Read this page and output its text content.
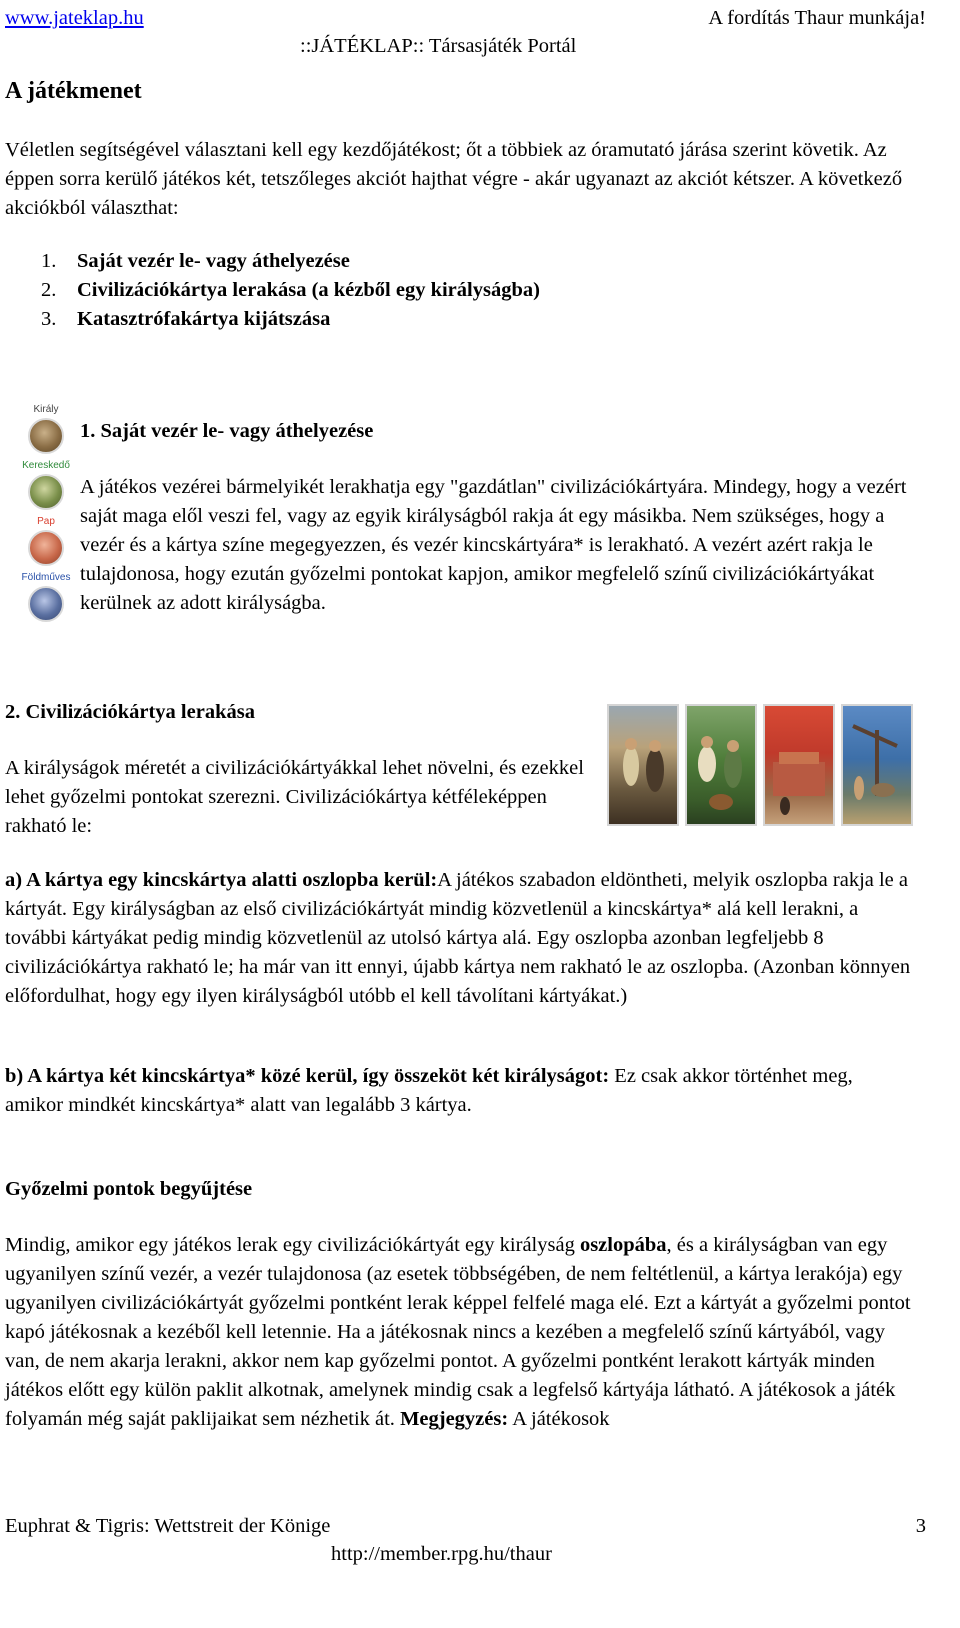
www.jateklap.hu	A fordítás Thaur munkája!
::JÁTÉKLAP:: Társasjáték Portál
A játékmenet

Véletlen segítségével választani kell egy kezdőjátékost; őt a többiek az óramutató járása szerint követik. Az éppen sorra kerülő játékos két, tetszőleges akciót hajthat végre - akár ugyanazt az akciót kétszer. A következő akciókból választhat:

1. Saját vezér le- vagy áthelyezése
2. Civilizációkártya lerakása (a kézből egy királyságba)
3. Katasztrófakártya kijátszása
Király
Kereskedő
Pap
Földműves
1. Saját vezér le- vagy áthelyezése

A játékos vezérei bármelyikét lerakhatja egy "gazdátlan" civilizációkártyára. Mindegy, hogy a vezért saját maga elől veszi fel, vagy az egyik királyságból rakja át egy másikba. Nem szükséges, hogy a vezér és a kártya színe megegyezzen, és vezér kincskártyára* is lerakható. A vezért azért rakja le tulajdonosa, hogy ezután győzelmi pontokat kapjon, amikor megfelelő színű civilizációkártyákat kerülnek az adott királyságba.

2. Civilizációkártya lerakása

A királyságok méretét a civilizációkártyákkal lehet növelni, és ezekkel lehet győzelmi pontokat szerezni. Civilizációkártya kétféleképpen rakható le:

a) A kártya egy kincskártya alatti oszlopba kerül:A játékos szabadon eldöntheti, melyik oszlopba rakja le a kártyát. Egy királyságban az első civilizációkártyát mindig közvetlenül a kincskártya* alá kell lerakni, a további kártyákat pedig mindig közvetlenül az utolsó kártya alá. Egy oszlopba azonban legfeljebb 8 civilizációkártya rakható le; ha már van itt ennyi, újabb kártya nem rakható le az oszlopba. (Azonban könnyen előfordulhat, hogy egy ilyen királyságból utóbb el kell távolítani kártyákat.)

b) A kártya két kincskártya* közé kerül, így összeköt két királyságot: Ez csak akkor történhet meg, amikor mindkét kincskártya* alatt van legalább 3 kártya.

Győzelmi pontok begyűjtése

Mindig, amikor egy játékos lerak egy civilizációkártyát egy királyság oszlopába, és a királyságban van egy ugyanilyen színű vezér, a vezér tulajdonosa (az esetek többségében, de nem feltétlenül, a kártya lerakója) egy ugyanilyen civilizációkártyát győzelmi pontként lerak képpel felfelé maga elé. Ezt a kártyát a győzelmi pontot kapó játékosnak a kezéből kell letennie. Ha a játékosnak nincs a kezében a megfelelő színű kártyából, vagy van, de nem akarja lerakni, akkor nem kap győzelmi pontot. A győzelmi pontként lerakott kártyák minden játékos előtt egy külön paklit alkotnak, amelynek mindig csak a legfelső kártyája látható. A játékosok a játék folyamán még saját paklijaikat sem nézhetik át. Megjegyzés: A játékosok

Euphrat & Tigris: Wettstreit der Könige	3
http://member.rpg.hu/thaur
